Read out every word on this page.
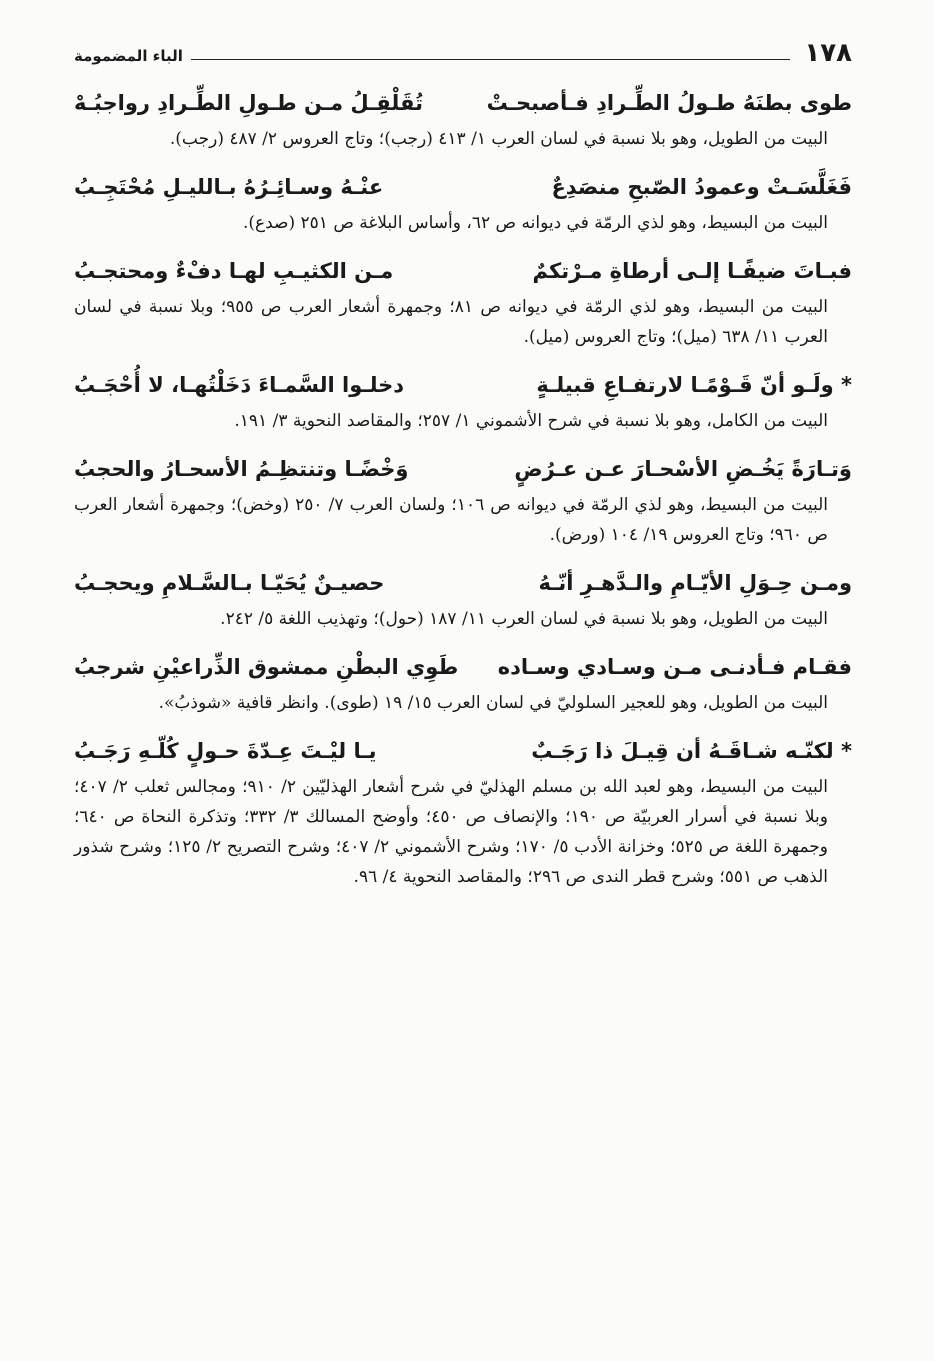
١٧٨
الباء المضمومة
طوى بطنَهُ طـولُ الطِّـرادِ فـأصبحـتْ
تُقَلْقِـلُ مـن طـولِ الطِّـرادِ رواجبُـهْ
البيت من الطويل، وهو بلا نسبة في لسان العرب ١/ ٤١٣ (رجب)؛ وتاج العروس ٢/ ٤٨٧ (رجب).
فَغَلَّسَـتْ وعمودُ الصّبحِ منصَدِعٌ
عنْـهُ وسـائِـرُهُ بـالليـلِ مُحْتَجِـبُ
البيت من البسيط، وهو لذي الرمّة في ديوانه ص ٦٢، وأساس البلاغة ص ٢٥١ (صدع).
فبـاتَ ضيفًـا إلـى أرطاةِ مـرْتكمٌ
مـن الكثيـبِ لهـا دفْءٌ ومحتجـبُ
البيت من البسيط، وهو لذي الرمّة في ديوانه ص ٨١؛ وجمهرة أشعار العرب ص ٩٥٥؛ وبلا نسبة في لسان العرب ١١/ ٦٣٨ (ميل)؛ وتاج العروس (ميل).
* ولَـو أنّ قَـوْمًـا لارتفـاعِ قبيلـةٍ
دخلـوا السَّمـاءَ دَخَلْتُهـا، لا أُحْجَـبُ
البيت من الكامل، وهو بلا نسبة في شرح الأشموني ١/ ٢٥٧؛ والمقاصد النحوية ٣/ ١٩١.
وَتـارَةً يَخُـضِ الأسْحـارَ عـن عـرُضٍ
وَخْضًـا وتنتظِـمُ الأسحـارُ والحجبُ
البيت من البسيط، وهو لذي الرمّة في ديوانه ص ١٠٦؛ ولسان العرب ٧/ ٢٥٠ (وخض)؛ وجمهرة أشعار العرب ص ٩٦٠؛ وتاج العروس ١٩/ ١٠٤ (ورض).
ومـن حِـوَلِ الأيّـامِ والـدَّهـرِ أنّـهُ
حصيـنٌ يُحَيّـا بـالسَّـلامِ ويحجـبُ
البيت من الطويل، وهو بلا نسبة في لسان العرب ١١/ ١٨٧ (حول)؛ وتهذيب اللغة ٥/ ٢٤٢.
فقـام فـأدنـى مـن وسـادي وسـاده
طَوِي البطْنِ ممشوق الذِّراعيْنِ شرجبُ
البيت من الطويل، وهو للعجير السلوليّ في لسان العرب ١٥/ ١٩ (طوى). وانظر قافية «شوذبُ».
* لكنّـه شـاقَـهُ أن قِيـلَ ذا رَجَـبٌ
يـا ليْـتَ عِـدّةَ حـولٍ كُلّـهِ رَجَـبُ
البيت من البسيط، وهو لعبد الله بن مسلم الهذليّ في شرح أشعار الهذليّين ٢/ ٩١٠؛ ومجالس ثعلب ٢/ ٤٠٧؛ وبلا نسبة في أسرار العربيّة ص ١٩٠؛ والإنصاف ص ٤٥٠؛ وأوضح المسالك ٣/ ٣٣٢؛ وتذكرة النحاة ص ٦٤٠؛ وجمهرة اللغة ص ٥٢٥؛ وخزانة الأدب ٥/ ١٧٠؛ وشرح الأشموني ٢/ ٤٠٧؛ وشرح التصريح ٢/ ١٢٥؛ وشرح شذور الذهب ص ٥٥١؛ وشرح قطر الندى ص ٢٩٦؛ والمقاصد النحوية ٤/ ٩٦.
